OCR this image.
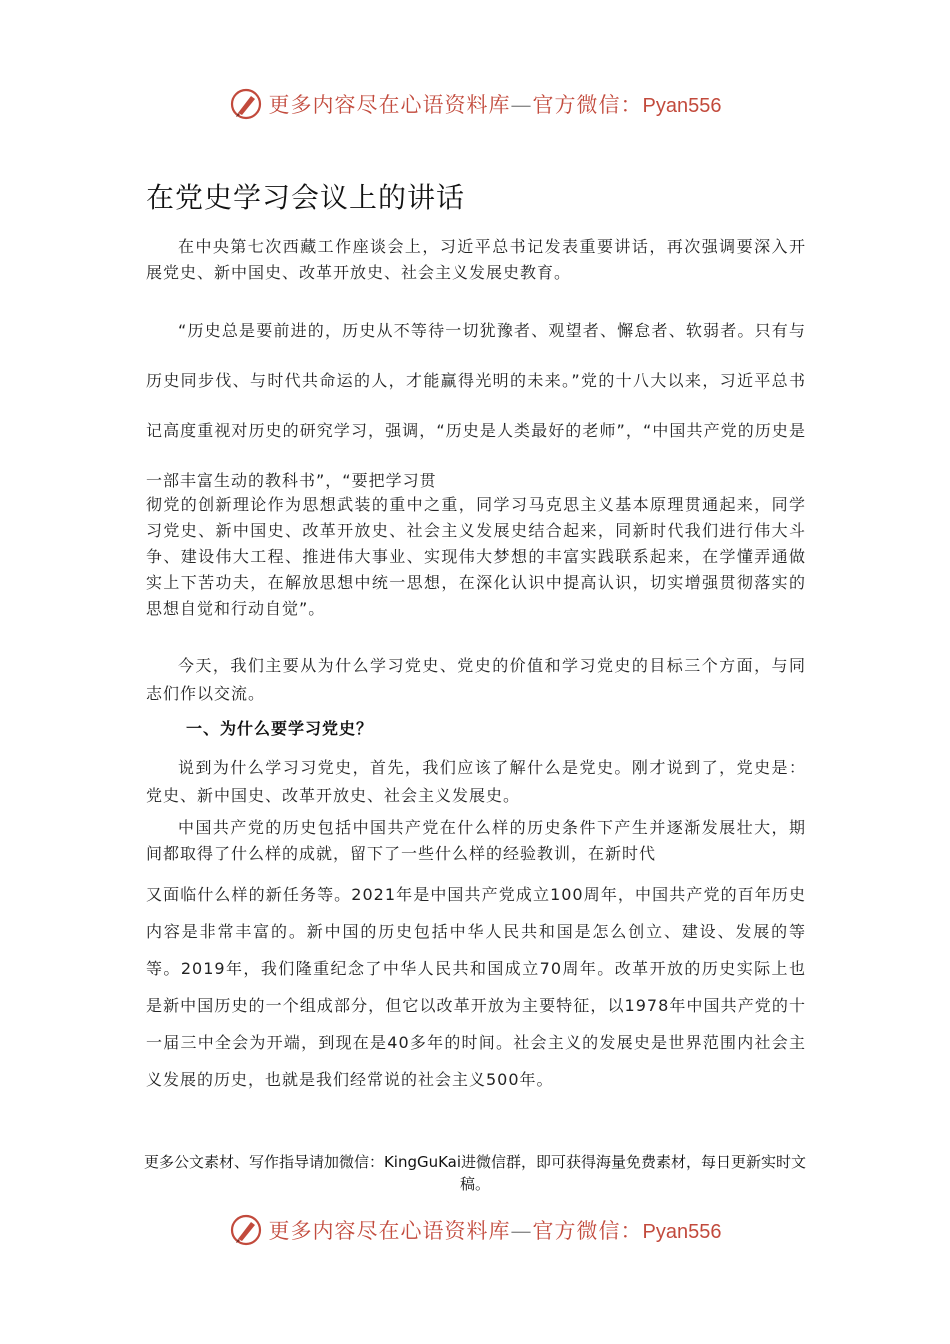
更多内容尽在心语资料库—官方微信：Pyan556
在党史学习会议上的讲话

在中央第七次西藏工作座谈会上，习近平总书记发表重要讲话，再次强调要深入开展党史、新中国史、改革开放史、社会主义发展史教育。

“历史总是要前进的，历史从不等待一切犹豫者、观望者、懈怠者、软弱者。只有与历史同步伐、与时代共命运的人，才能赢得光明的未来。”党的十八大以来，习近平总书记高度重视对历史的研究学习，强调，“历史是人类最好的老师”，“中国共产党的历史是一部丰富生动的教科书”，“要把学习贯

彻党的创新理论作为思想武装的重中之重，同学习马克思主义基本原理贯通起来，同学习党史、新中国史、改革开放史、社会主义发展史结合起来，同新时代我们进行伟大斗争、建设伟大工程、推进伟大事业、实现伟大梦想的丰富实践联系起来，在学懂弄通做实上下苦功夫，在解放思想中统一思想，在深化认识中提高认识，切实增强贯彻落实的思想自觉和行动自觉”。

今天，我们主要从为什么学习党史、党史的价值和学习党史的目标三个方面，与同志们作以交流。

一、为什么要学习党史？

说到为什么学习习党史，首先，我们应该了解什么是党史。刚才说到了，党史是：党史、新中国史、改革开放史、社会主义发展史。

中国共产党的历史包括中国共产党在什么样的历史条件下产生并逐渐发展壮大，期间都取得了什么样的成就，留下了一些什么样的经验教训，在新时代

又面临什么样的新任务等。2021年是中国共产党成立100周年，中国共产党的百年历史内容是非常丰富的。新中国的历史包括中华人民共和国是怎么创立、建设、发展的等等。2019年，我们隆重纪念了中华人民共和国成立70周年。改革开放的历史实际上也是新中国历史的一个组成部分，但它以改革开放为主要特征，以1978年中国共产党的十一届三中全会为开端，到现在是40多年的时间。社会主义的发展史是世界范围内社会主义发展的历史，也就是我们经常说的社会主义500年。

更多公文素材、写作指导请加微信：KingGuKai进微信群，即可获得海量免费素材，每日更新实时文稿。

更多内容尽在心语资料库—官方微信：Pyan556
